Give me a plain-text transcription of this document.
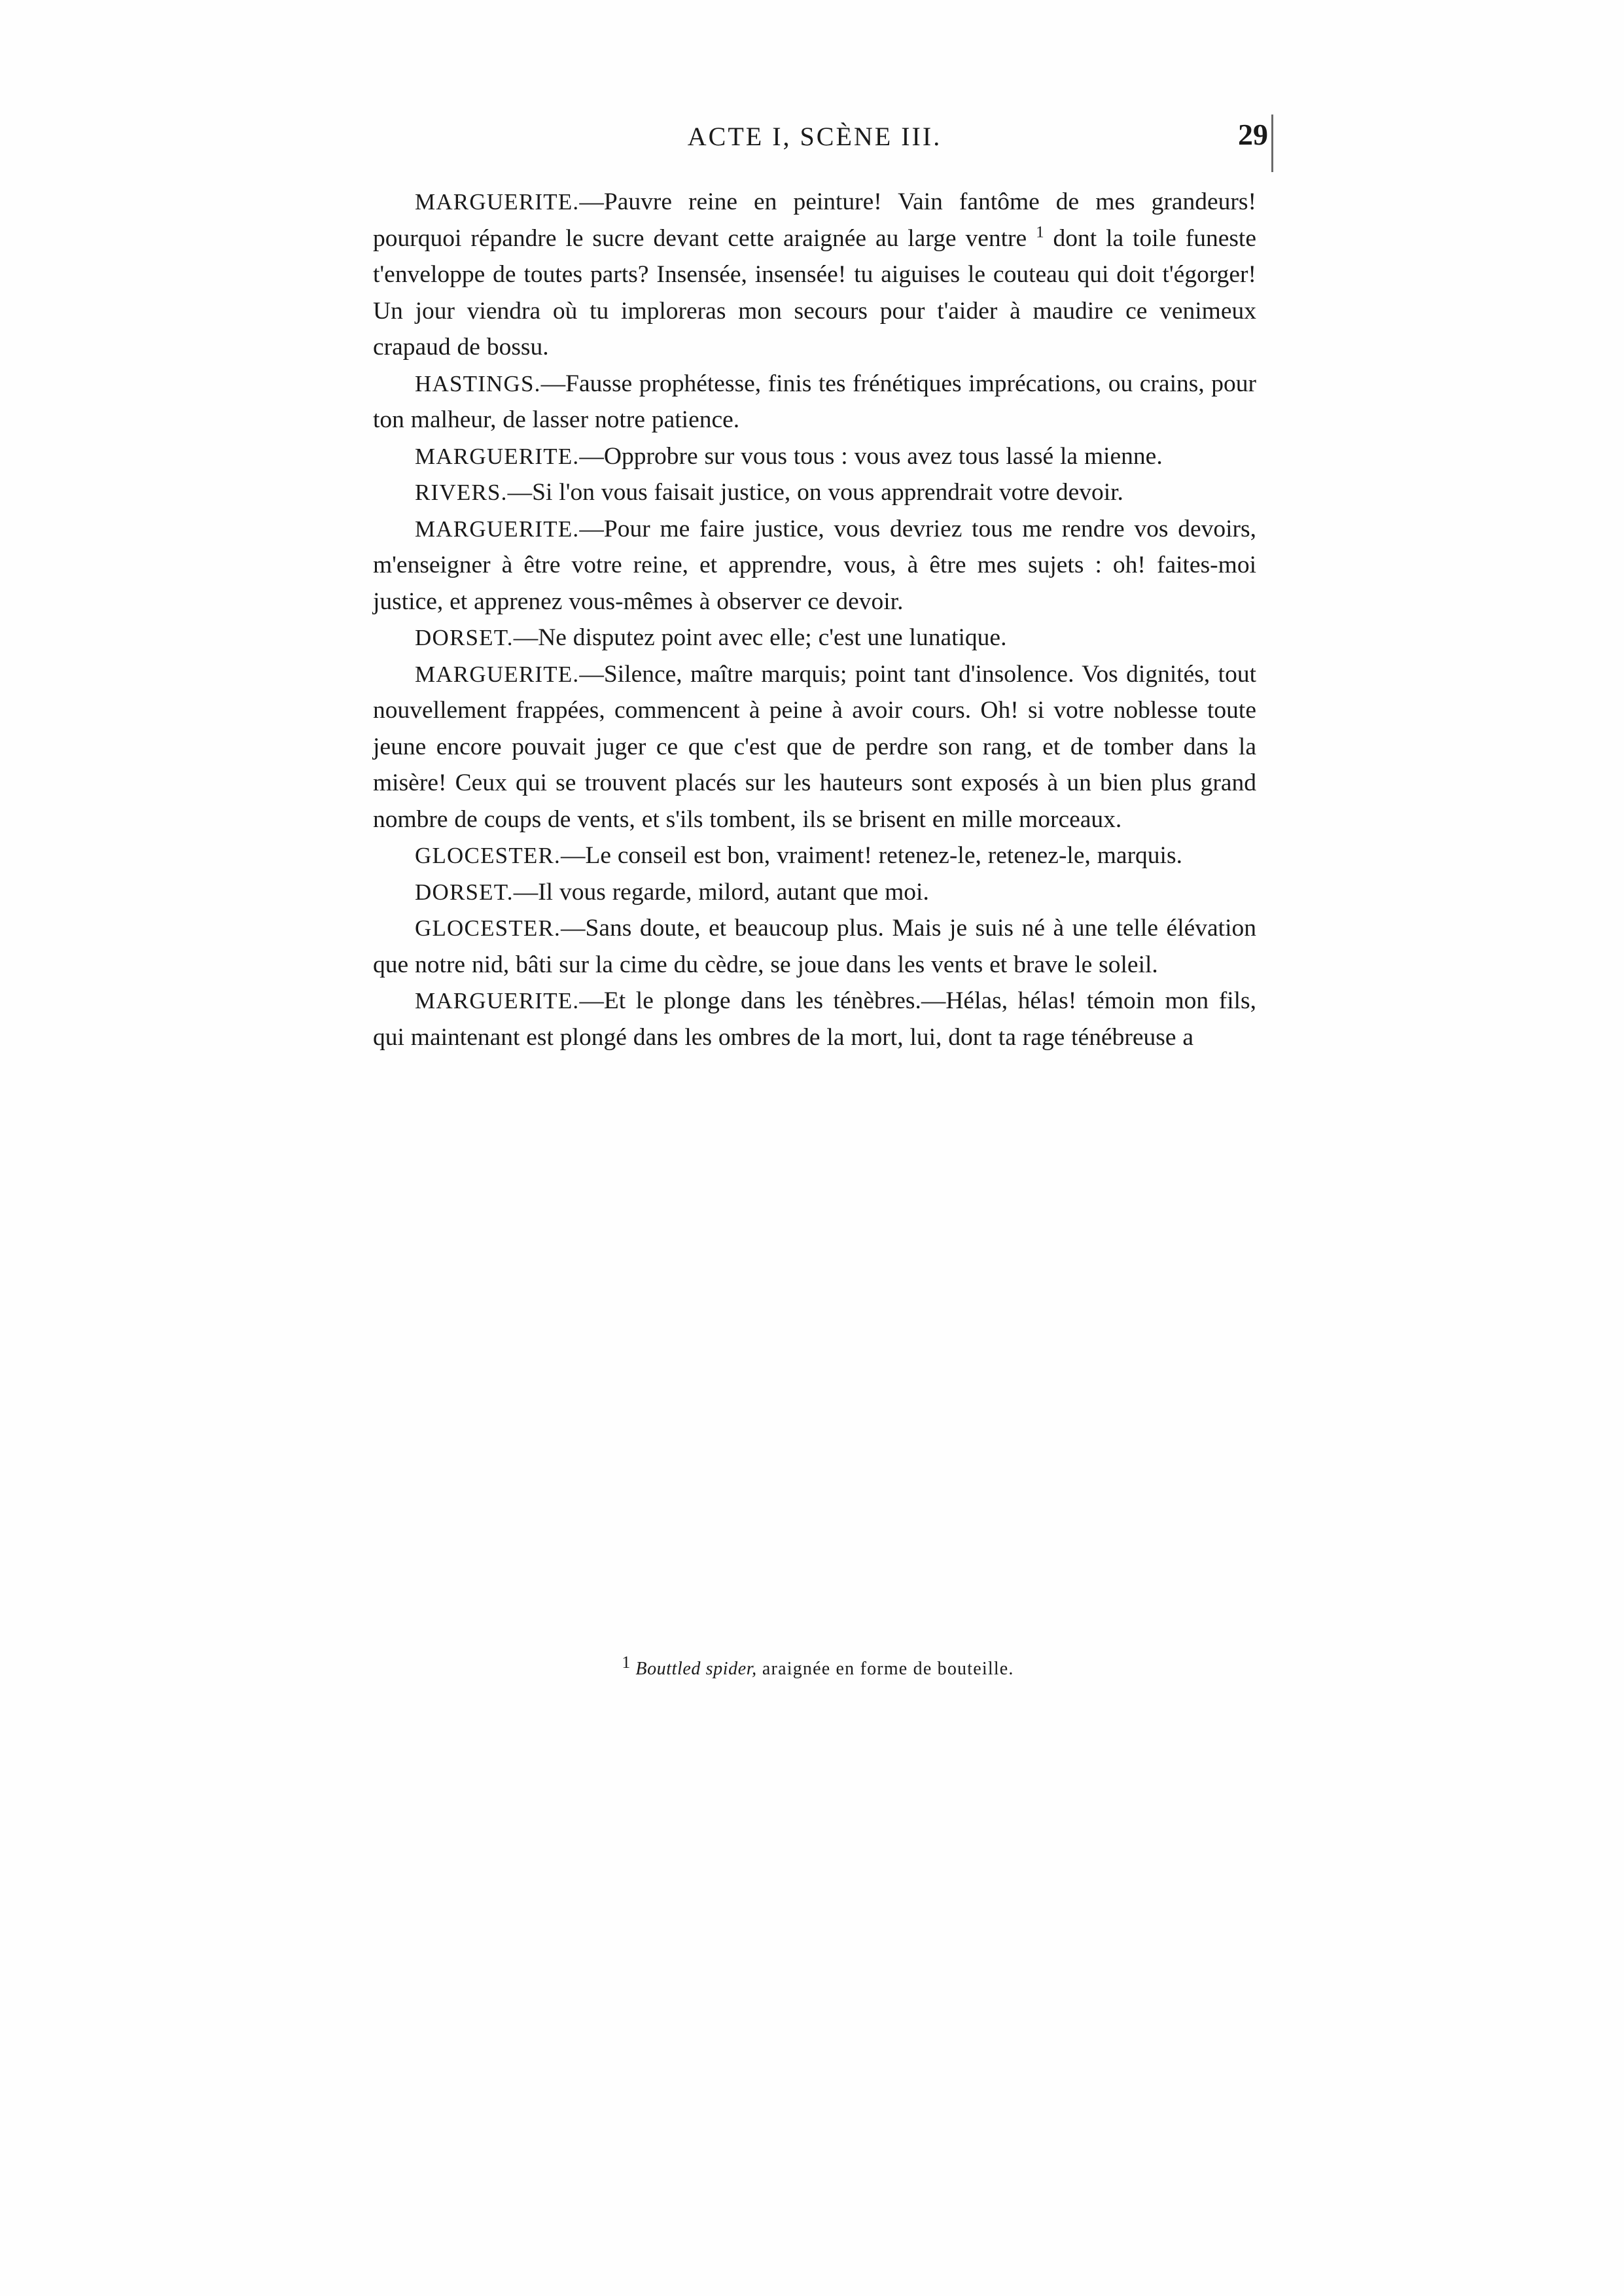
ACTE I, SCÈNE III.	29

MARGUERITE.—Pauvre reine en peinture! Vain fantôme de mes grandeurs! pourquoi répandre le sucre devant cette araignée au large ventre $^1$ dont la toile funeste t'enveloppe de toutes parts? Insensée, insensée! tu aiguises le couteau qui doit t'égorger! Un jour viendra où tu imploreras mon secours pour t'aider à maudire ce venimeux crapaud de bossu.

HASTINGS.—Fausse prophétesse, finis tes frénétiques imprécations, ou crains, pour ton malheur, de lasser notre patience.

MARGUERITE.—Opprobre sur vous tous : vous avez tous lassé la mienne.

RIVERS.—Si l'on vous faisait justice, on vous apprendrait votre devoir.

MARGUERITE.—Pour me faire justice, vous devriez tous me rendre vos devoirs, m'enseigner à être votre reine, et apprendre, vous, à être mes sujets : oh! faites-moi justice, et apprenez vous-mêmes à observer ce devoir.

DORSET.—Ne disputez point avec elle; c'est une lunatique.

MARGUERITE.—Silence, maître marquis; point tant d'insolence. Vos dignités, tout nouvellement frappées, commencent à peine à avoir cours. Oh! si votre noblesse toute jeune encore pouvait juger ce que c'est que de perdre son rang, et de tomber dans la misère! Ceux qui se trouvent placés sur les hauteurs sont exposés à un bien plus grand nombre de coups de vents, et s'ils tombent, ils se brisent en mille morceaux.

GLOCESTER.—Le conseil est bon, vraiment! retenez-le, retenez-le, marquis.

DORSET.—Il vous regarde, milord, autant que moi.

GLOCESTER.—Sans doute, et beaucoup plus. Mais je suis né à une telle élévation que notre nid, bâti sur la cime du cèdre, se joue dans les vents et brave le soleil.

MARGUERITE.—Et le plonge dans les ténèbres.—Hélas, hélas! témoin mon fils, qui maintenant est plongé dans les ombres de la mort, lui, dont ta rage ténébreuse a

1 Bouttled spider, araignée en forme de bouteille.
